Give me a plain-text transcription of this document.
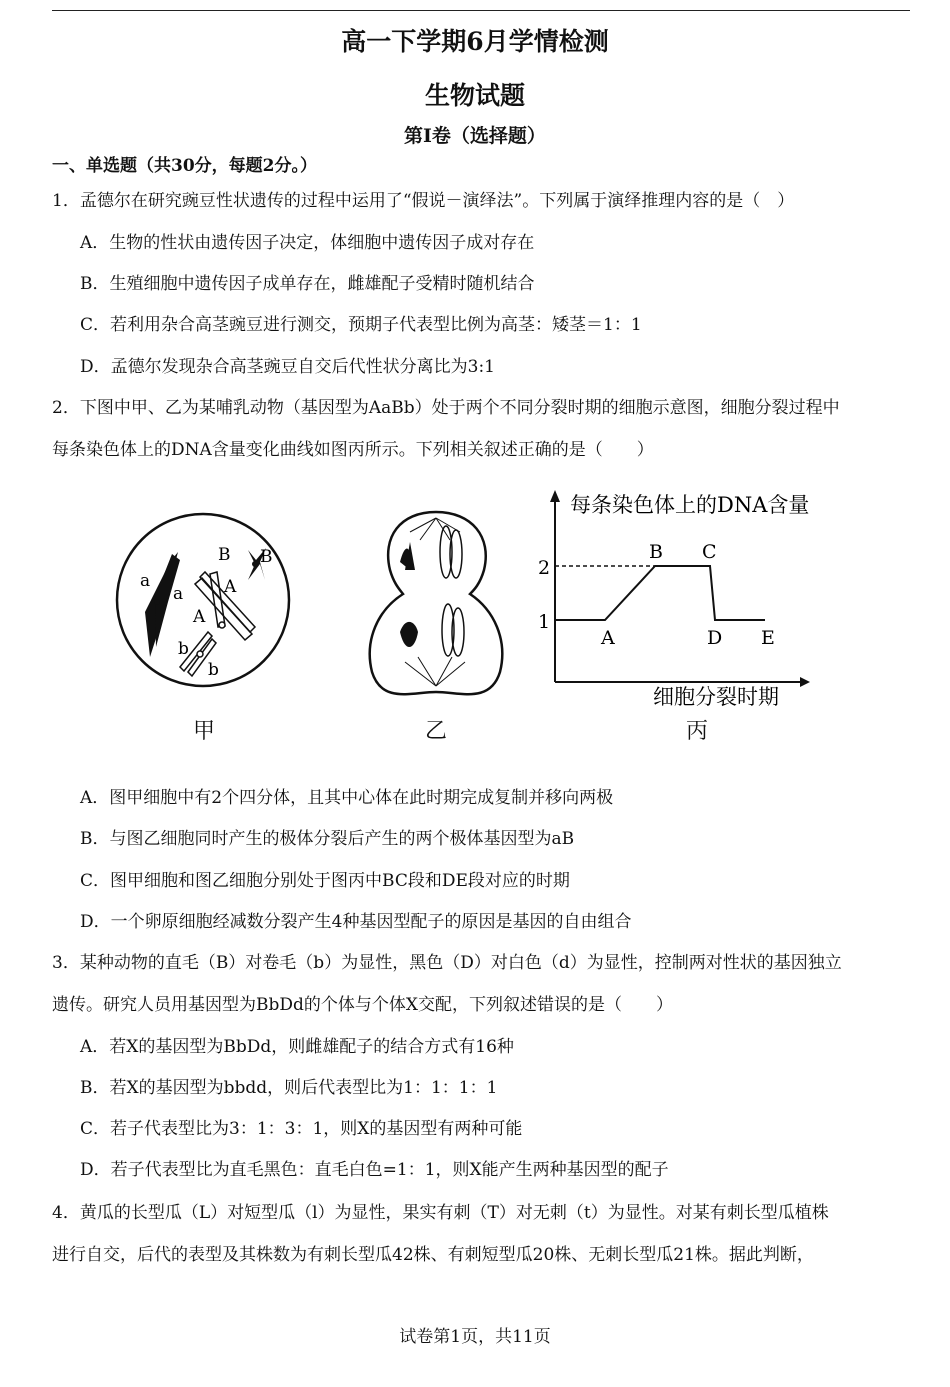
高一下学期6月学情检测
生物试题
第I卷（选择题）
一、单选题（共30分，每题2分。）
1．孟德尔在研究豌豆性状遗传的过程中运用了“假说－演绎法”。下列属于演绎推理内容的是（　）
A．生物的性状由遗传因子决定，体细胞中遗传因子成对存在
B．生殖细胞中遗传因子成单存在，雌雄配子受精时随机结合
C．若利用杂合高茎豌豆进行测交，预期子代表型比例为高茎：矮茎＝1：1
D．孟德尔发现杂合高茎豌豆自交后代性状分离比为3:1
2．下图中甲、乙为某哺乳动物（基因型为AaBb）处于两个不同分裂时期的细胞示意图，细胞分裂过程中
每条染色体上的DNA含量变化曲线如图丙所示。下列相关叙述正确的是（　　）
a
a A
A
B B
b
b
每条染色体上的DNA含量
细胞分裂时期
2
1
A
B C
D E
甲	乙	丙
A．图甲细胞中有2个四分体，且其中心体在此时期完成复制并移向两极
B．与图乙细胞同时产生的极体分裂后产生的两个极体基因型为aB
C．图甲细胞和图乙细胞分别处于图丙中BC段和DE段对应的时期
D．一个卵原细胞经减数分裂产生4种基因型配子的原因是基因的自由组合
3．某种动物的直毛（B）对卷毛（b）为显性，黑色（D）对白色（d）为显性，控制两对性状的基因独立
遗传。研究人员用基因型为BbDd的个体与个体X交配，下列叙述错误的是（　　）
A．若X的基因型为BbDd，则雌雄配子的结合方式有16种
B．若X的基因型为bbdd，则后代表型比为1：1：1：1
C．若子代表型比为3：1：3：1，则X的基因型有两种可能
D．若子代表型比为直毛黑色：直毛白色=1：1，则X能产生两种基因型的配子
4．黄瓜的长型瓜（L）对短型瓜（l）为显性，果实有刺（T）对无刺（t）为显性。对某有刺长型瓜植株
进行自交，后代的表型及其株数为有刺长型瓜42株、有刺短型瓜20株、无刺长型瓜21株。据此判断，
试卷第1页，共11页
